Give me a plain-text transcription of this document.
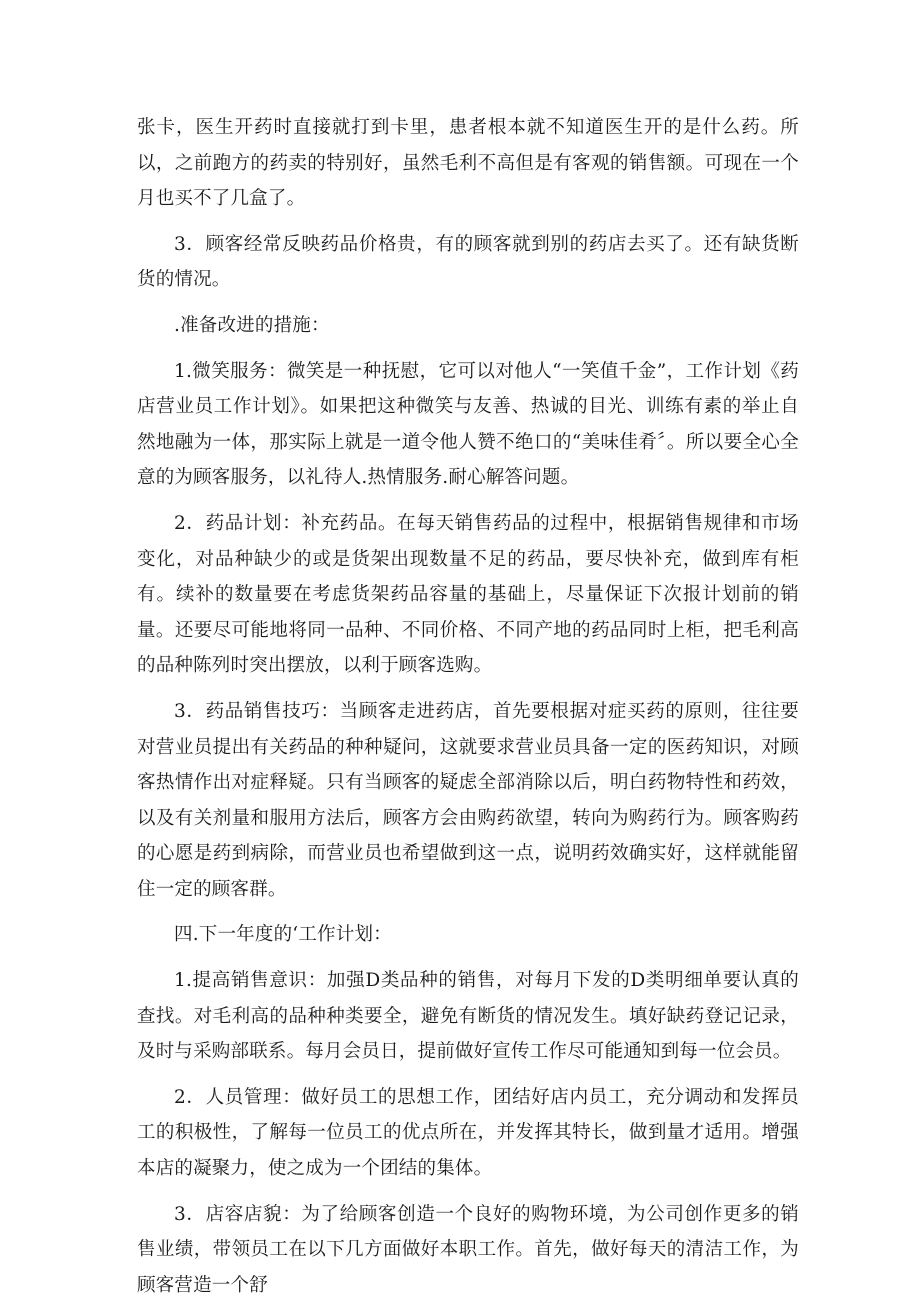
张卡，医生开药时直接就打到卡里，患者根本就不知道医生开的是什么药。所以，之前跑方的药卖的特别好，虽然毛利不高但是有客观的销售额。可现在一个月也买不了几盒了。

3．顾客经常反映药品价格贵，有的顾客就到别的药店去买了。还有缺货断货的情况。

.准备改进的措施：

1.微笑服务：微笑是一种抚慰，它可以对他人“一笑值千金”，工作计划《药店营业员工作计划》。如果把这种微笑与友善、热诚的目光、训练有素的举止自然地融为一体，那实际上就是一道令他人赞不绝口的“美味佳肴〞。所以要全心全意的为顾客服务，以礼待人.热情服务.耐心解答问题。

2．药品计划：补充药品。在每天销售药品的过程中，根据销售规律和市场变化，对品种缺少的或是货架出现数量不足的药品，要尽快补充，做到库有柜有。续补的数量要在考虑货架药品容量的基础上，尽量保证下次报计划前的销量。还要尽可能地将同一品种、不同价格、不同产地的药品同时上柜，把毛利高的品种陈列时突出摆放，以利于顾客选购。

3．药品销售技巧：当顾客走进药店，首先要根据对症买药的原则，往往要对营业员提出有关药品的种种疑问，这就要求营业员具备一定的医药知识，对顾客热情作出对症释疑。只有当顾客的疑虑全部消除以后，明白药物特性和药效，以及有关剂量和服用方法后，顾客方会由购药欲望，转向为购药行为。顾客购药的心愿是药到病除，而营业员也希望做到这一点，说明药效确实好，这样就能留住一定的顾客群。

四.下一年度的‘工作计划：

1.提高销售意识：加强D类品种的销售，对每月下发的D类明细单要认真的查找。对毛利高的品种种类要全，避免有断货的情况发生。填好缺药登记记录，及时与采购部联系。每月会员日，提前做好宣传工作尽可能通知到每一位会员。

2．人员管理：做好员工的思想工作，团结好店内员工，充分调动和发挥员工的积极性，了解每一位员工的优点所在，并发挥其特长，做到量才适用。增强本店的凝聚力，使之成为一个团结的集体。

3．店容店貌：为了给顾客创造一个良好的购物环境，为公司创作更多的销售业绩，带领员工在以下几方面做好本职工作。首先，做好每天的清洁工作，为顾客营造一个舒
